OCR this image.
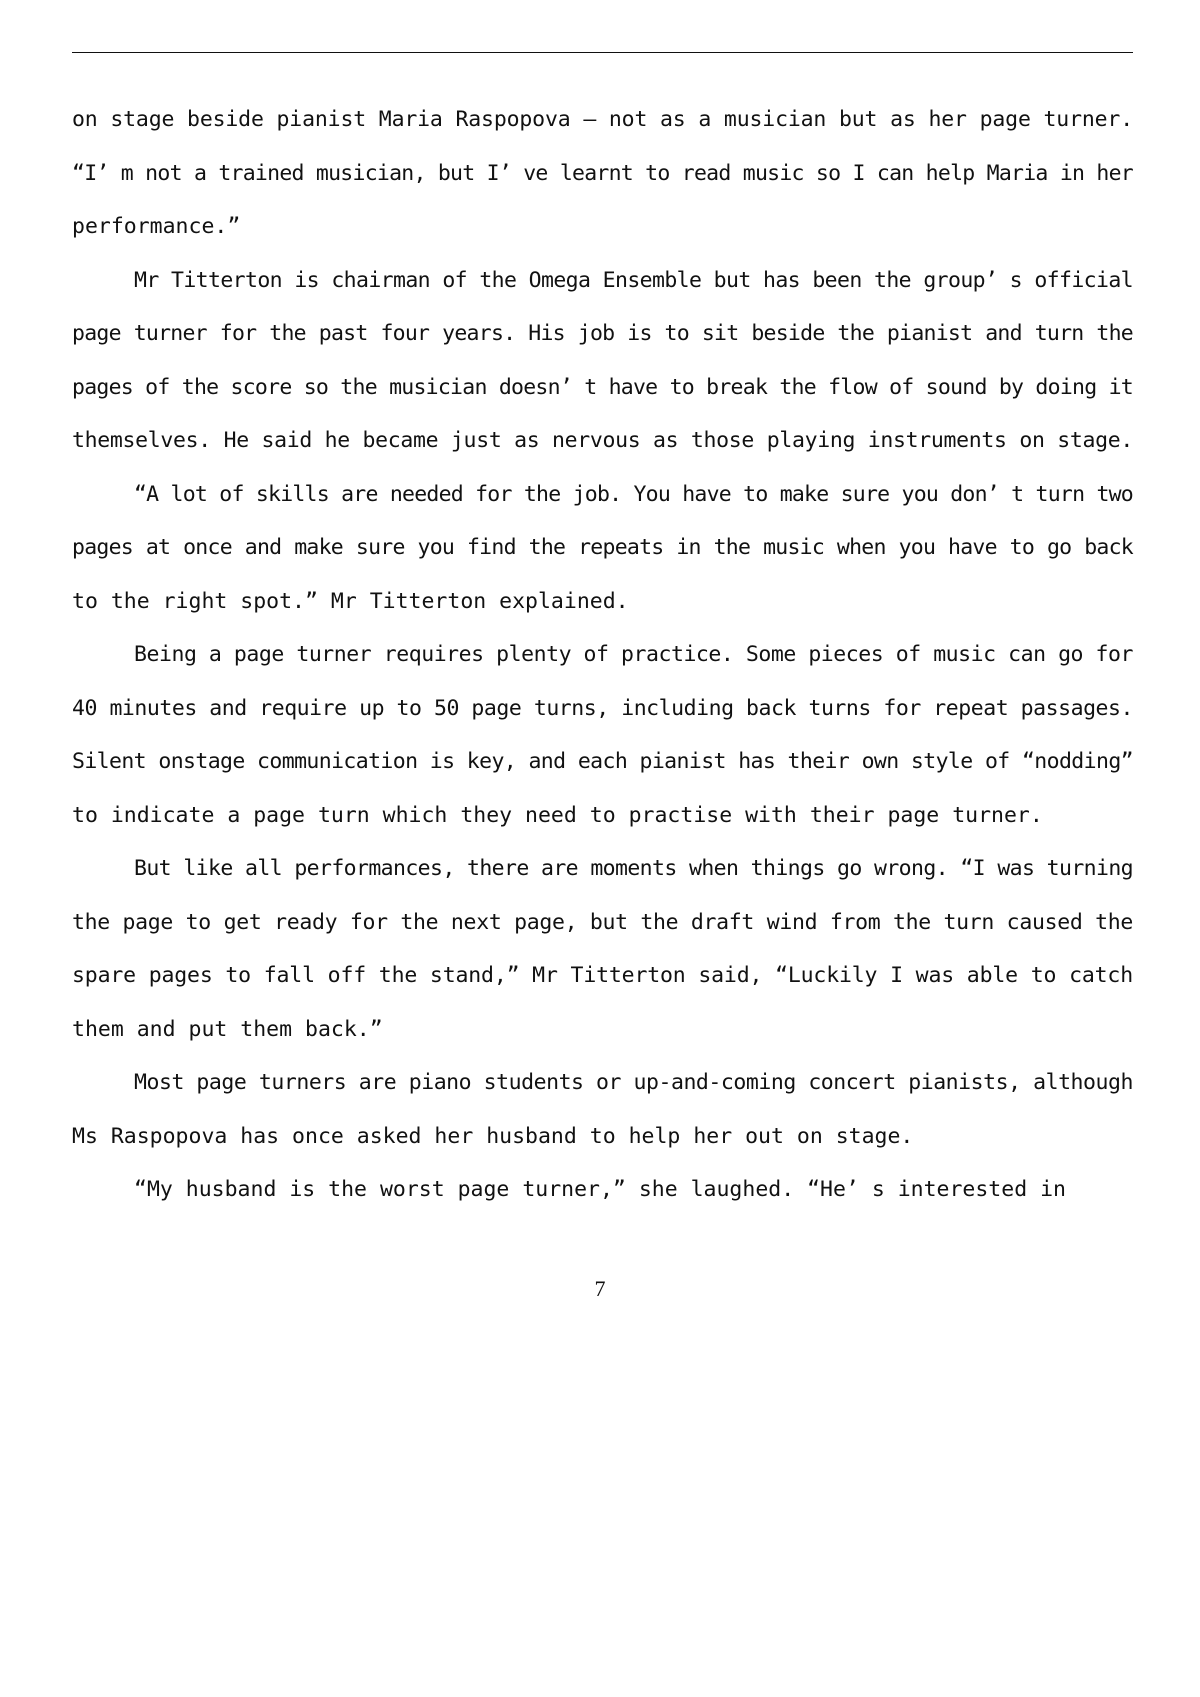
on stage beside pianist Maria Raspopova — not as a musician but as her page turner.
“I’ m not a trained musician, but I’ ve learnt to read music so I can help Maria in her
performance.”
Mr Titterton is chairman of the Omega Ensemble but has been the group’ s official
page turner for the past four years. His job is to sit beside the pianist and turn the
pages of the score so the musician doesn’ t have to break the flow of sound by doing it
themselves. He said he became just as nervous as those playing instruments on stage.
“A lot of skills are needed for the job. You have to make sure you don’ t turn two
pages at once and make sure you find the repeats in the music when you have to go back
to the right spot.” Mr Titterton explained.
Being a page turner requires plenty of practice. Some pieces of music can go for
40 minutes and require up to 50 page turns, including back turns for repeat passages.
Silent onstage communication is key, and each pianist has their own style of “nodding”
to indicate a page turn which they need to practise with their page turner.
But like all performances, there are moments when things go wrong. “I was turning
the page to get ready for the next page, but the draft wind from the turn caused the
spare pages to fall off the stand,” Mr Titterton said, “Luckily I was able to catch
them and put them back.”
Most page turners are piano students or up-and-coming concert pianists, although
Ms Raspopova has once asked her husband to help her out on stage.
“My husband is the worst page turner,” she laughed. “He’ s interested in
7
